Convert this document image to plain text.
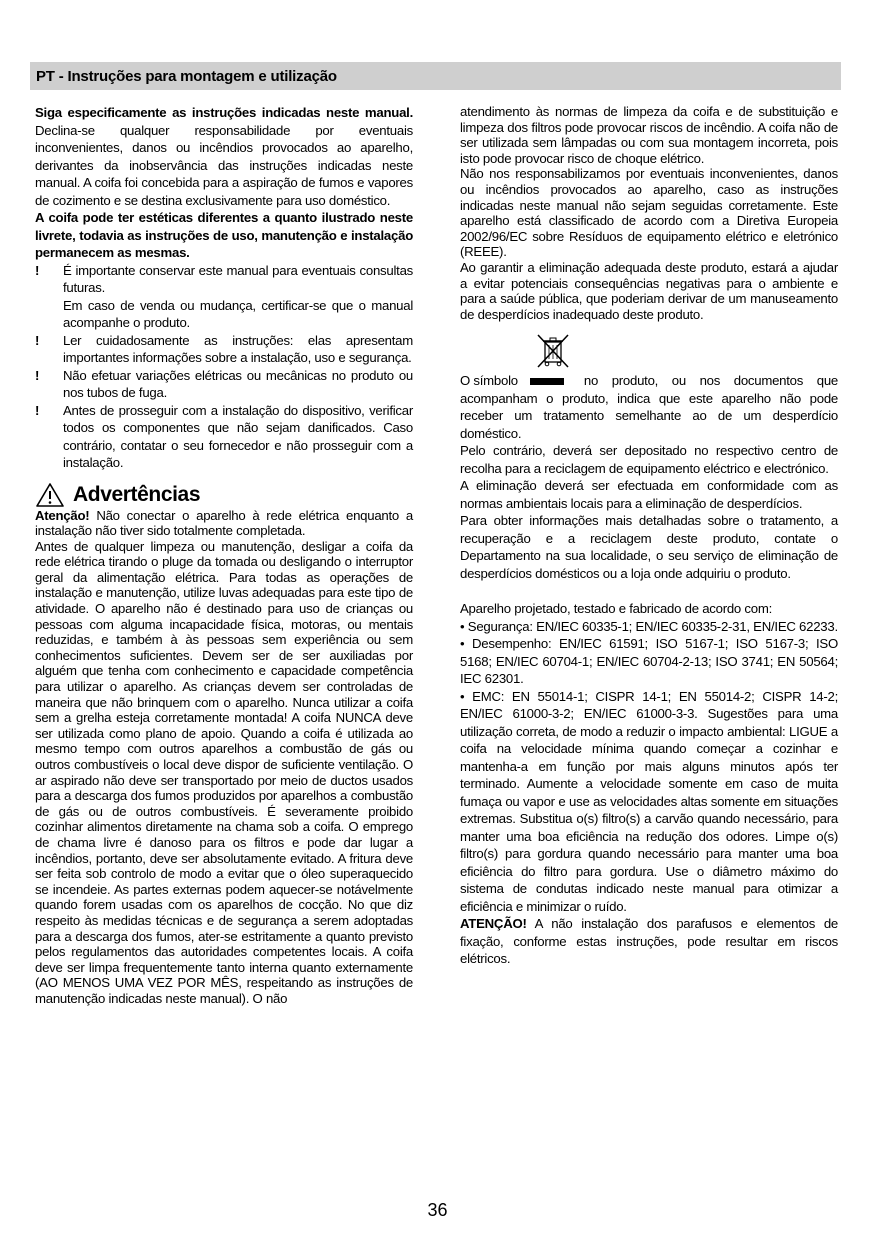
PT - Instruções para montagem e utilização

Siga especificamente as instruções indicadas neste manual. Declina-se qualquer responsabilidade por eventuais inconvenientes, danos ou incêndios provocados ao aparelho, derivantes da inobservância das instruções indicadas neste manual. A coifa foi concebida para a aspiração de fumos e vapores de cozimento e se destina exclusivamente para uso doméstico.

A coifa pode ter estéticas diferentes a quanto ilustrado neste livrete, todavia as instruções de uso, manutenção e instalação permanecem as mesmas.

!	É importante conservar este manual para eventuais consultas futuras.

Em caso de venda ou mudança, certificar-se que o manual acompanhe o produto.

!	Ler cuidadosamente as instruções: elas apresentam importantes informações sobre a instalação, uso e segurança.
!	Não efetuar variações elétricas ou mecânicas no produto ou nos tubos de fuga.
!	Antes de prosseguir com a instalação do dispositivo, verificar todos os componentes que não sejam danificados. Caso contrário, contatar o seu fornecedor e não prosseguir com a instalação.
Advertências

Atenção! Não conectar o aparelho à rede elétrica enquanto a instalação não tiver sido totalmente completada.

Antes de qualquer limpeza ou manutenção, desligar a coifa da rede elétrica tirando o pluge da tomada ou desligando o interruptor geral da alimentação elétrica. Para todas as operações de instalação e manutenção, utilize luvas adequadas para este tipo de atividade. O aparelho não é destinado para uso de crianças ou pessoas com alguma incapacidade física, motoras, ou mentais reduzidas, e também à às pessoas sem experiência ou sem conhecimentos suficientes. Devem ser de ser auxiliadas por alguém que tenha com conhecimento e capacidade competência para utilizar o aparelho. As crianças devem ser controladas de maneira que não brinquem com o aparelho. Nunca utilizar a coifa sem a grelha esteja corretamente montada! A coifa NUNCA deve ser utilizada como plano de apoio. Quando a coifa é utilizada ao mesmo tempo com outros aparelhos a combustão de gás ou outros combustíveis o local deve dispor de suficiente ventilação. O ar aspirado não deve ser transportado por meio de ductos usados para a descarga dos fumos produzidos por aparelhos a combustão de gás ou de outros combustíveis. É severamente proibido cozinhar alimentos diretamente na chama sob a coifa. O emprego de chama livre é danoso para os filtros e pode dar lugar a incêndios, portanto, deve ser absolutamente evitado. A fritura deve ser feita sob controlo de modo a evitar que o óleo superaquecido se incendeie. As partes externas podem aquecer-se notávelmente quando forem usadas com os aparelhos de cocção. No que diz respeito às medidas técnicas e de segurança a serem adoptadas para a descarga dos fumos, ater-se estritamente a quanto previsto pelos regulamentos das autoridades competentes locais. A coifa deve ser limpa frequentemente tanto interna quanto externamente (AO MENOS UMA VEZ POR MÊS, respeitando as instruções de manutenção indicadas neste manual). O não

atendimento às normas de limpeza da coifa e de substituição e limpeza dos filtros pode provocar riscos de incêndio. A coifa não de ser utilizada sem lâmpadas ou com sua montagem incorreta, pois isto pode provocar risco de choque elétrico.

Não nos responsabilizamos por eventuais inconvenientes, danos ou incêndios provocados ao aparelho, caso as instruções indicadas neste manual não sejam seguidas corretamente. Este aparelho está classificado de acordo com a Diretiva Europeia 2002/96/EC sobre Resíduos de equipamento elétrico e eletrónico (REEE).

Ao garantir a eliminação adequada deste produto, estará a ajudar a evitar potenciais consequências negativas para o ambiente e para a saúde pública, que poderiam derivar de um manuseamento de desperdícios inadequado deste produto.

O símbolo	no produto, ou nos documentos que

acompanham o produto, indica que este aparelho não pode receber um tratamento semelhante ao de um desperdício doméstico.

Pelo contrário, deverá ser depositado no respectivo centro de recolha para a reciclagem de equipamento eléctrico e electrónico.

A eliminação deverá ser efectuada em conformidade com as normas ambientais locais para a eliminação de desperdícios.

Para obter informações mais detalhadas sobre o tratamento, a recuperação e a reciclagem deste produto, contate o Departamento na sua localidade, o seu serviço de eliminação de desperdícios domésticos ou a loja onde adquiriu o produto.

Aparelho projetado, testado e fabricado de acordo com:

• Segurança: EN/IEC 60335-1; EN/IEC 60335-2-31, EN/IEC 62233.

• Desempenho: EN/IEC 61591; ISO 5167-1; ISO 5167-3; ISO 5168; EN/IEC 60704-1; EN/IEC 60704-2-13; ISO 3741; EN 50564; IEC 62301.

• EMC: EN 55014-1; CISPR 14-1; EN 55014-2; CISPR 14-2; EN/IEC 61000-3-2; EN/IEC 61000-3-3. Sugestões para uma utilização correta, de modo a reduzir o impacto ambiental: LIGUE a coifa na velocidade mínima quando começar a cozinhar e mantenha-a em função por mais alguns minutos após ter terminado. Aumente a velocidade somente em caso de muita fumaça ou vapor e use as velocidades altas somente em situações extremas. Substitua o(s) filtro(s) a carvão quando necessário, para manter uma boa eficiência na redução dos odores. Limpe o(s) filtro(s) para gordura quando necessário para manter uma boa eficiência do filtro para gordura. Use o diâmetro máximo do sistema de condutas indicado neste manual para otimizar a eficiência e minimizar o ruído.

ATENÇÃO! A não instalação dos parafusos e elementos de fixação, conforme estas instruções, pode resultar em riscos elétricos.

36
